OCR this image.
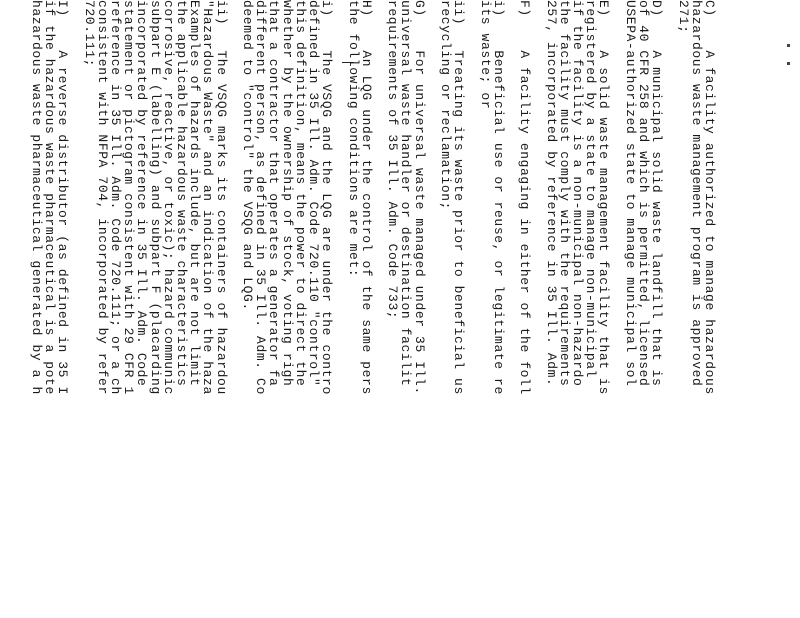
C)    A facility authorized to manage hazardous
hazardous waste management program is approved
271;
D)    A municipal solid waste landfill that is
of 40 CFR 258 and which is permitted, licensed
USEPA-authorized state to manage municipal sol
E)    A solid waste management facility that is
registered by a state to manage non-municipal
if the facility is a non-municipal non-hazardo
the facility must comply with the requirements
257, incorporated by reference in 35 Ill. Adm.
F)    A facility engaging in either of the foll
i)    Beneficial use or reuse, or legitimate re
its waste; or
ii)   Treating its waste prior to beneficial us
recycling or reclamation;
G)    For universal waste managed under 35 Ill.
universal waste handler or destination facilit
requirements of 35 Ill. Adm. Code 733;
H)    An LQG under the control of the same pers
the following conditions are met:
i)    The VSQG and the LQG are under the contro
defined in 35 Ill. Adm. Code 720.110 "control"
this definition, means the power to direct the
whether by the ownership of stock, voting righ
that a contractor that operates a generator fa
different person, as defined in 35 Ill. Adm. Co
deemed to "control" the VSQG and LQG.
ii)   The VSQG marks its containers of hazardou
"Hazardous Waste" and an indication of the haza
Examples of hazards include, but are not limit
the applicable hazardous waste characteristics
corrosive, reactive, or toxic); hazard communic
subpart E (labelling) and subpart F (placarding
incorporated by reference in 35 Ill. Adm. Code
statement or pictogram consistent with 29 CFR 1
reference in 35 Ill. Adm. Code 720.111; or a ch
consistent with NFPA 704, incorporated by refer
720.111;
I)    A reverse distributor (as defined in 35 I
if the hazardous waste pharmaceutical is a pote
hazardous waste pharmaceutical generated by a h
